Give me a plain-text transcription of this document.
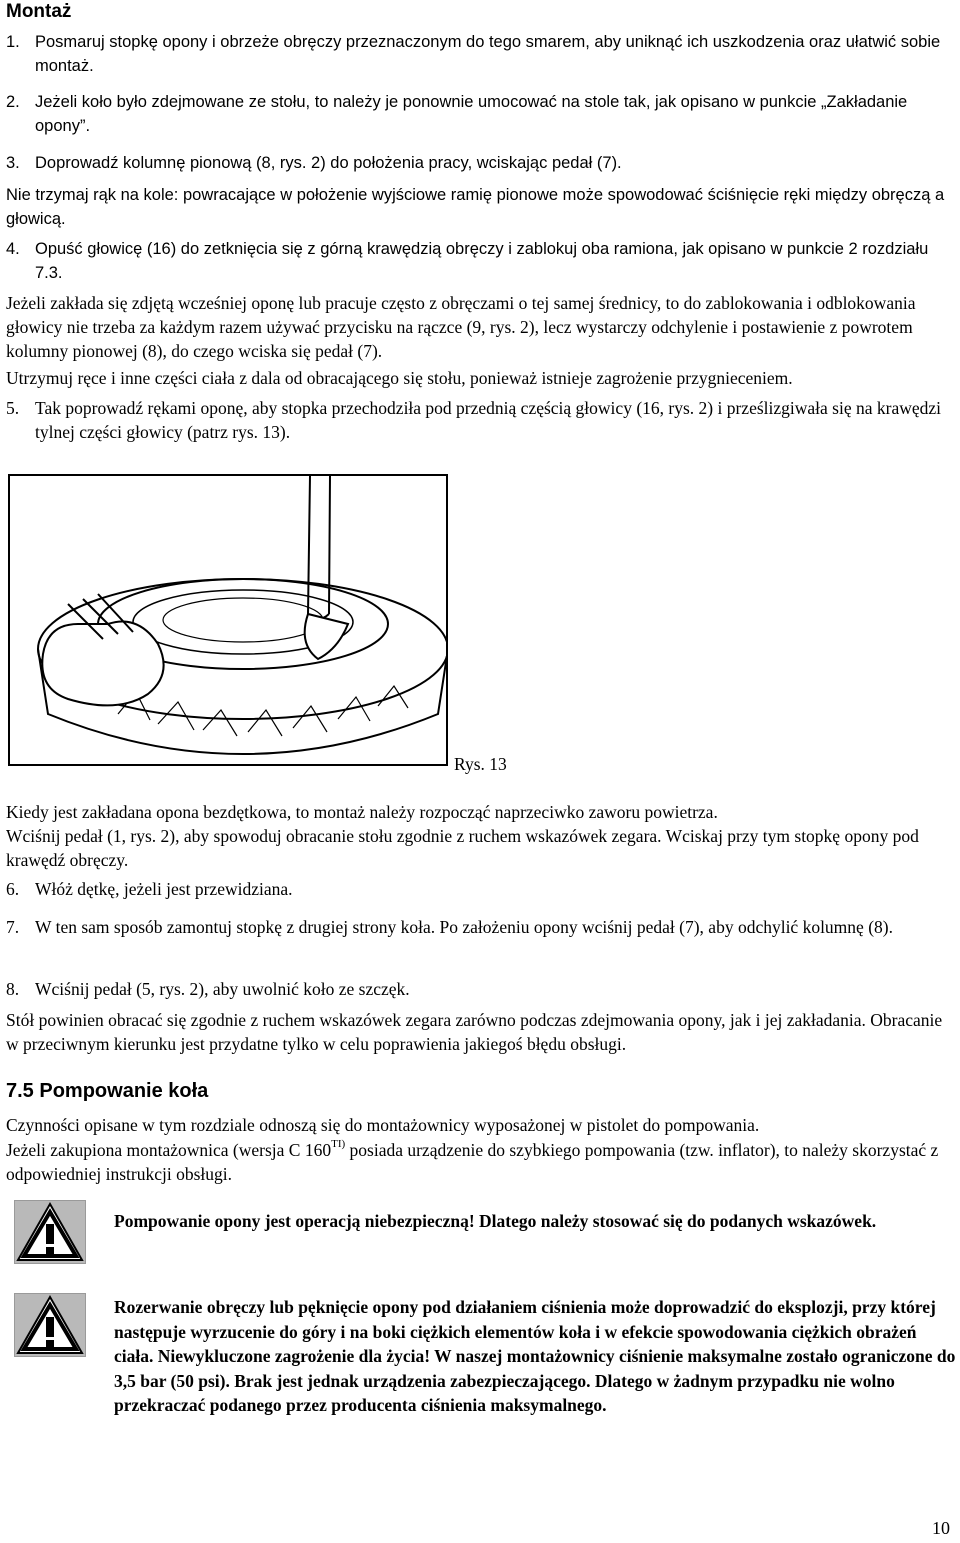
Montaż
1. Posmaruj stopkę opony i obrzeże obręczy przeznaczonym do tego smarem, aby uniknąć ich uszkodzenia oraz ułatwić sobie montaż.
2. Jeżeli koło było zdejmowane ze stołu, to należy je ponownie umocować na stole tak, jak opisano w punkcie „Zakładanie opony”.
3. Doprowadź kolumnę pionową (8, rys. 2) do położenia pracy, wciskając pedał (7).
Nie trzymaj rąk na kole: powracające w położenie wyjściowe ramię pionowe może spowodować ściśnięcie ręki między obręczą a głowicą.
4. Opuść głowicę (16) do zetknięcia się z górną krawędzią obręczy i zablokuj oba ramiona, jak opisano w punkcie 2 rozdziału 7.3.
Jeżeli zakłada się zdjętą wcześniej oponę lub pracuje często z obręczami o tej samej średnicy, to do zablokowania i odblokowania głowicy nie trzeba za każdym razem używać przycisku na rączce (9, rys. 2), lecz wystarczy odchylenie i postawienie z powrotem kolumny pionowej (8), do czego wciska się pedał (7).
Utrzymuj ręce i inne części ciała z dala od obracającego się stołu, ponieważ istnieje zagrożenie przygnieceniem.
5. Tak poprowadź rękami oponę, aby stopka przechodziła pod przednią częścią głowicy (16, rys. 2) i prześlizgiwała się na krawędzi tylnej części głowicy (patrz rys. 13).
Rys. 13
Kiedy jest zakładana opona bezdętkowa, to montaż należy rozpocząć naprzeciwko zaworu powietrza.
Wciśnij pedał (1, rys. 2), aby spowoduj obracanie stołu zgodnie z ruchem wskazówek zegara. Wciskaj przy tym stopkę opony pod krawędź obręczy.
6. Włóż dętkę, jeżeli jest przewidziana.
7. W ten sam sposób zamontuj stopkę z drugiej strony koła. Po założeniu opony wciśnij pedał (7), aby odchylić kolumnę (8).
8. Wciśnij pedał (5, rys. 2), aby uwolnić koło ze szczęk.
Stół powinien obracać się zgodnie z ruchem wskazówek zegara zarówno podczas zdejmowania opony, jak i jej zakładania. Obracanie w przeciwnym kierunku jest przydatne tylko w celu poprawienia jakiegoś błędu obsługi.
7.5 Pompowanie koła
Czynności opisane w tym rozdziale odnoszą się do montażownicy wyposażonej w pistolet do pompowania.
Jeżeli zakupiona montażownica (wersja C $160^{TI)}$ posiada urządzenie do szybkiego pompowania (tzw. inflator), to należy skorzystać z odpowiedniej instrukcji obsługi.
Pompowanie opony jest operacją niebezpieczną! Dlatego należy stosować się do podanych wskazówek.
Rozerwanie obręczy lub pęknięcie opony pod działaniem ciśnienia może doprowadzić do eksplozji, przy której następuje wyrzucenie do góry i na boki ciężkich elementów koła i w efekcie spowodowania ciężkich obrażeń ciała. Niewykluczone zagrożenie dla życia! W naszej montażownicy ciśnienie maksymalne zostało ograniczone do 3,5 bar (50 psi). Brak jest jednak urządzenia zabezpieczającego. Dlatego w żadnym przypadku nie wolno przekraczać podanego przez producenta ciśnienia maksymalnego.
10
